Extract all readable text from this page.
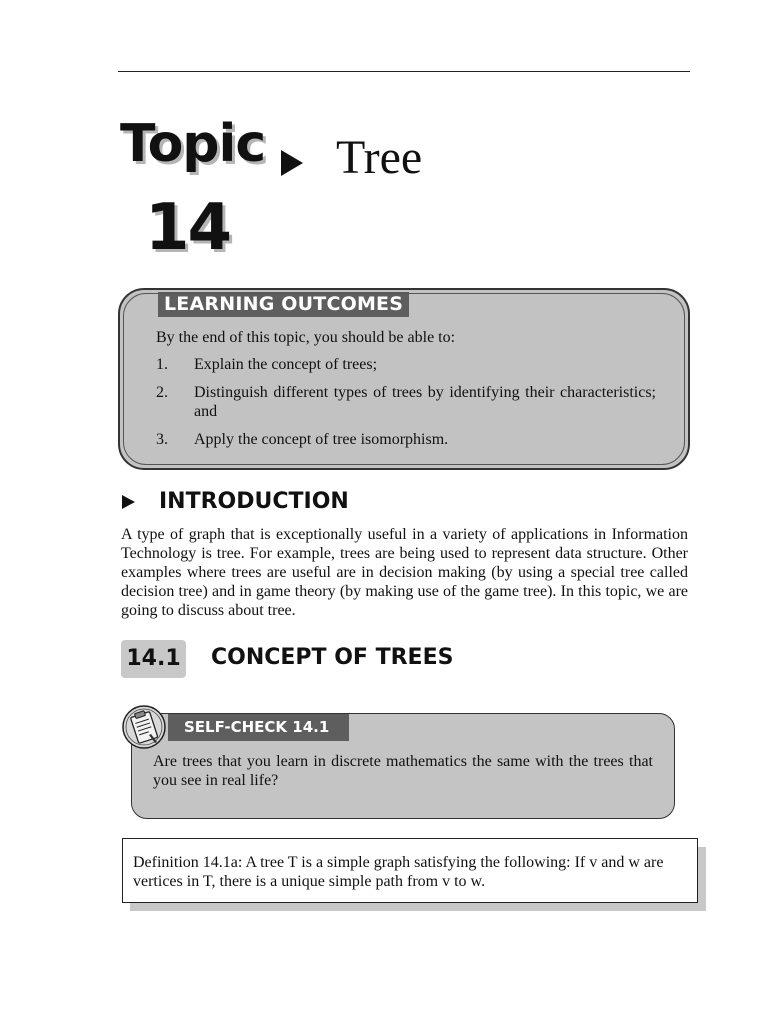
Topic Tree
14
LEARNING OUTCOMES
By the end of this topic, you should be able to:
1. Explain the concept of trees;
2. Distinguish different types of trees by identifying their characteristics; and
3. Apply the concept of tree isomorphism.
INTRODUCTION
A type of graph that is exceptionally useful in a variety of applications in Information Technology is tree. For example, trees are being used to represent data structure. Other examples where trees are useful are in decision making (by using a special tree called decision tree) and in game theory (by making use of the game tree). In this topic, we are going to discuss about tree.
14.1 CONCEPT OF TREES
SELF-CHECK 14.1
Are trees that you learn in discrete mathematics the same with the trees that you see in real life?
Definition 14.1a: A tree T is a simple graph satisfying the following: If v and w are vertices in T, there is a unique simple path from v to w.
